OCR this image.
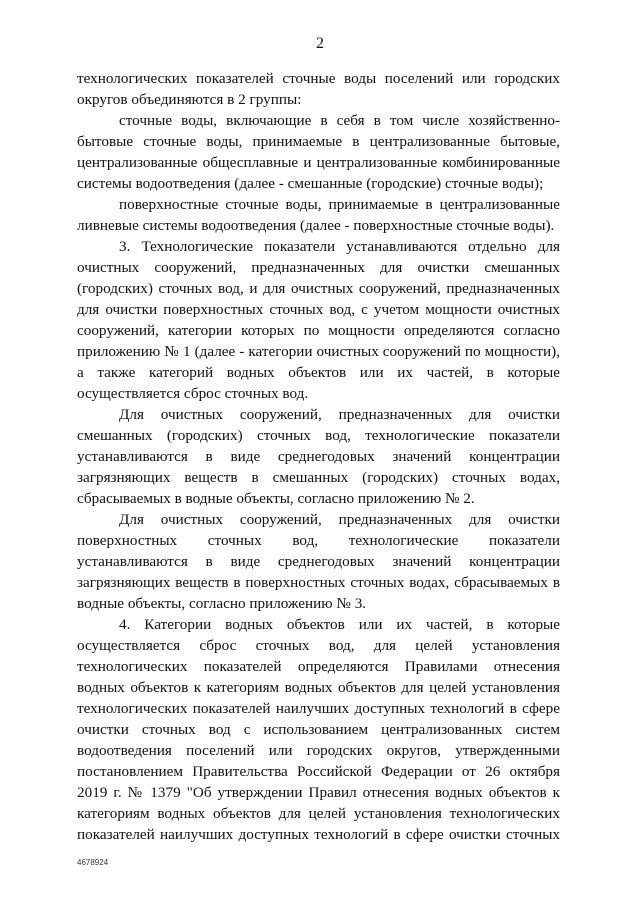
2

технологических показателей сточные воды поселений или городских округов объединяются в 2 группы:

сточные воды, включающие в себя в том числе хозяйственно-бытовые сточные воды, принимаемые в централизованные бытовые, централизованные общесплавные и централизованные комбинированные системы водоотведения (далее - смешанные (городские) сточные воды);

поверхностные сточные воды, принимаемые в централизованные ливневые системы водоотведения (далее - поверхностные сточные воды).

3. Технологические показатели устанавливаются отдельно для очистных сооружений, предназначенных для очистки смешанных (городских) сточных вод, и для очистных сооружений, предназначенных для очистки поверхностных сточных вод, с учетом мощности очистных сооружений, категории которых по мощности определяются согласно приложению № 1 (далее - категории очистных сооружений по мощности), а также категорий водных объектов или их частей, в которые осуществляется сброс сточных вод.

Для очистных сооружений, предназначенных для очистки смешанных (городских) сточных вод, технологические показатели устанавливаются в виде среднегодовых значений концентрации загрязняющих веществ в смешанных (городских) сточных водах, сбрасываемых в водные объекты, согласно приложению № 2.

Для очистных сооружений, предназначенных для очистки поверхностных сточных вод, технологические показатели устанавливаются в виде среднегодовых значений концентрации загрязняющих веществ в поверхностных сточных водах, сбрасываемых в водные объекты, согласно приложению № 3.

4. Категории водных объектов или их частей, в которые осуществляется сброс сточных вод, для целей установления технологических показателей определяются Правилами отнесения водных объектов к категориям водных объектов для целей установления технологических показателей наилучших доступных технологий в сфере очистки сточных вод с использованием централизованных систем водоотведения поселений или городских округов, утвержденными постановлением Правительства Российской Федерации от 26 октября 2019 г. № 1379 "Об утверждении Правил отнесения водных объектов к категориям водных объектов для целей установления технологических показателей наилучших доступных технологий в сфере очистки сточных

4678924
